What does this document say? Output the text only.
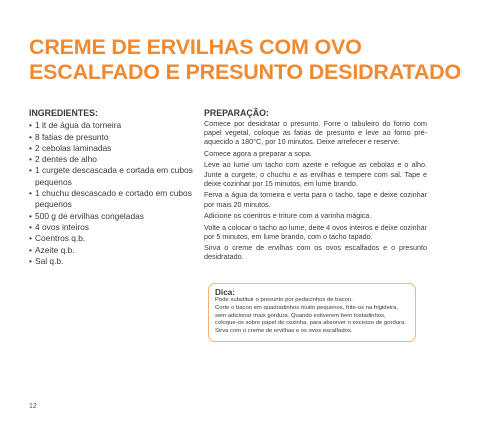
CREME DE ERVILHAS COM OVO
ESCALFADO E PRESUNTO DESIDRATADO
INGREDIENTES:
• 1 lt de água da torneira
• 8 fatias de presunto
• 2 cebolas laminadas
• 2 dentes de alho
• 1 curgete descascada e cortada em cubos pequenos
• 1 chuchu descascado e cortado em cubos pequenos
• 500 g de ervilhas congeladas
• 4 ovos inteiros
• Coentros q.b.
• Azeite q.b.
• Sal q.b.
PREPARAÇÃO:

Comece por desidratar o presunto. Forre o tabuleiro do forno com papel vegetal, coloque as fatias de presunto e leve ao forno pré-aquecido a 180°C, por 10 minutos. Deixe arrefecer e reserve.

Comece agora a preparar a sopa.

Leve ao lume um tacho com azeite e refogue as cebolas e o alho. Junte a curgete, o chuchu e as ervilhas e tempere com sal. Tape e deixe cozinhar por 15 minutos, em lume brando.

Ferva a água da torneira e verta para o tacho, tape e deixe cozinhar por mais 20 minutos.

Adicione os coentros e triture com a varinha mágica.

Volte a colocar o tacho ao lume, deite 4 ovos inteiros e deixe cozinhar por 5 minutos, em lume brando, com o tacho tapado.

Sirva o creme de ervilhas com os ovos escalfados e o presunto desidratado.

Dica:

Pode substituir o presunto por pedacinhos de bacon.

Corte o bacon em quadradinhos muito pequenos, frite-os na frigideira, sem adicionar mais gordura. Quando estiverem bem tostadinhos, coloque-os sobre papel de cozinha, para absorver o excesso de gordura.

Sirva com o creme de ervilhas e os ovos escalfados.

12
